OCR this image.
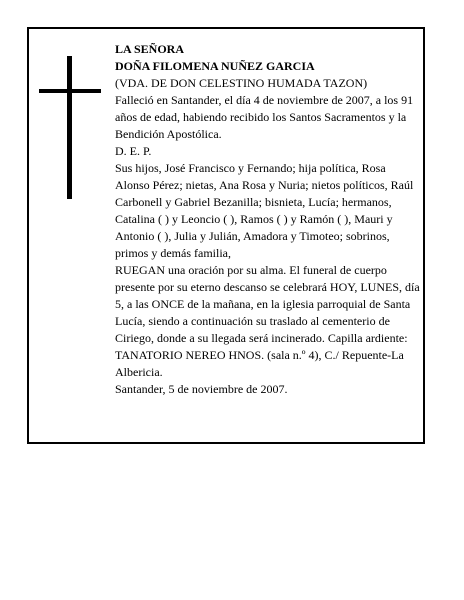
LA SEÑORA

DOÑA FILOMENA NUÑEZ GARCIA

(VDA. DE DON CELESTINO HUMADA TAZON)

Falleció en Santander, el día 4 de noviembre de 2007, a los 91 años de edad, habiendo recibido los Santos Sacramentos y la Bendición Apostólica.

D. E. P.

Sus hijos, José Francisco y Fernando; hija política, Rosa Alonso Pérez; nietas, Ana Rosa y Nuria; nietos políticos, Raúl Carbonell y Gabriel Bezanilla; bisnieta, Lucía; hermanos, Catalina ( ) y Leoncio ( ), Ramos ( ) y Ramón ( ), Mauri y Antonio ( ), Julia y Julián, Amadora y Timoteo; sobrinos, primos y demás familia,

RUEGAN una oración por su alma. El funeral de cuerpo presente por su eterno descanso se celebrará HOY, LUNES, día 5, a las ONCE de la mañana, en la iglesia parroquial de Santa Lucía, siendo a continuación su traslado al cementerio de Ciriego, donde a su llegada será incinerado. Capilla ardiente: TANATORIO NEREO HNOS. (sala n.º 4), C./ Repuente-La Albericia.

Santander, 5 de noviembre de 2007.
